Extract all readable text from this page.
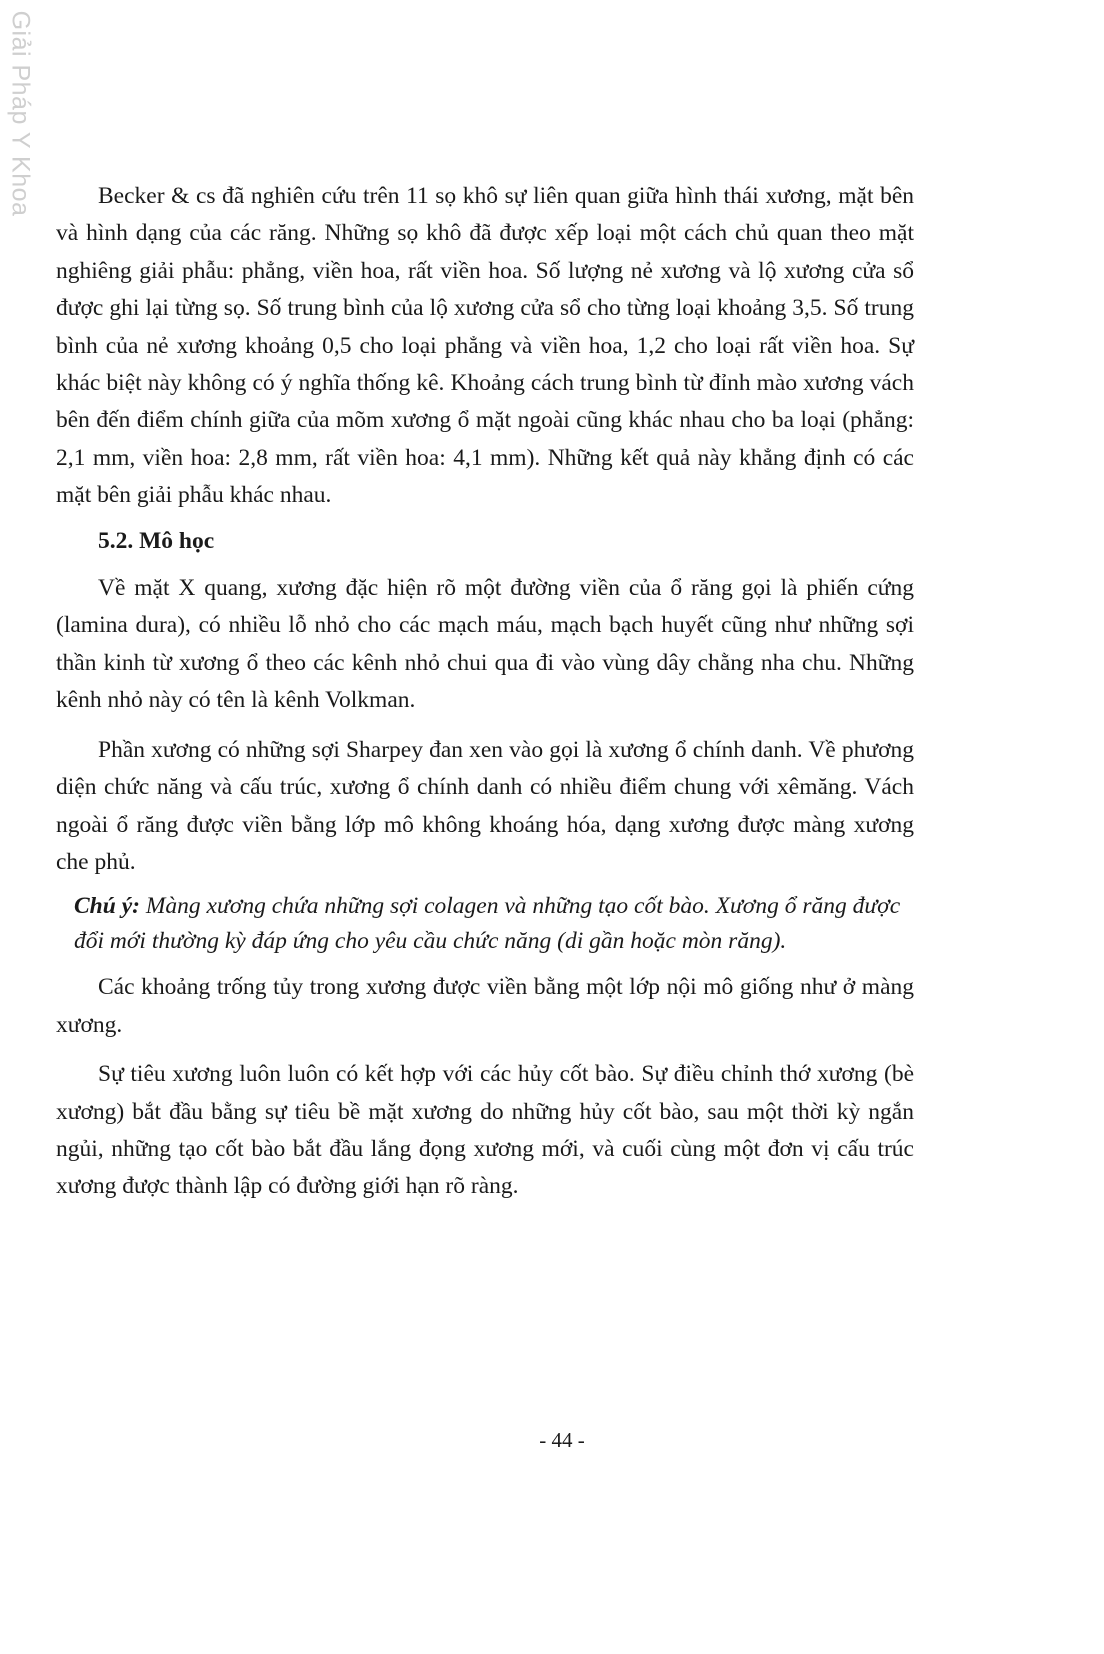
Giải Pháp Y Khoa	Becker & cs đã nghiên cứu trên 11 sọ khô sự liên quan giữa hình thái xương, mặt bên và hình dạng của các răng. Những sọ khô đã được xếp loại một cách chủ quan theo mặt nghiêng giải phẫu: phẳng, viền hoa, rất viền hoa. Số lượng nẻ xương và lộ xương cửa sổ được ghi lại từng sọ. Số trung bình của lộ xương cửa sổ cho từng loại khoảng 3,5. Số trung bình của nẻ xương khoảng 0,5 cho loại phẳng và viền hoa, 1,2 cho loại rất viền hoa. Sự khác biệt này không có ý nghĩa thống kê. Khoảng cách trung bình từ đỉnh mào xương vách bên đến điểm chính giữa của mõm xương ổ mặt ngoài cũng khác nhau cho ba loại (phẳng: 2,1 mm, viền hoa: 2,8 mm, rất viền hoa: 4,1 mm). Những kết quả này khẳng định có các mặt bên giải phẫu khác nhau.

5.2. Mô học

Về mặt X quang, xương đặc hiện rõ một đường viền của ổ răng gọi là phiến cứng (lamina dura), có nhiều lỗ nhỏ cho các mạch máu, mạch bạch huyết cũng như những sợi thần kinh từ xương ổ theo các kênh nhỏ chui qua đi vào vùng dây chằng nha chu. Những kênh nhỏ này có tên là kênh Volkman.

Phần xương có những sợi Sharpey đan xen vào gọi là xương ổ chính danh. Về phương diện chức năng và cấu trúc, xương ổ chính danh có nhiều điểm chung với xêmăng. Vách ngoài ổ răng được viền bằng lớp mô không khoáng hóa, dạng xương được màng xương che phủ.

Chú ý: Màng xương chứa những sợi colagen và những tạo cốt bào. Xương ổ răng được đổi mới thường kỳ đáp ứng cho yêu cầu chức năng (di gần hoặc mòn răng).

Các khoảng trống tủy trong xương được viền bằng một lớp nội mô giống như ở màng xương.

Sự tiêu xương luôn luôn có kết hợp với các hủy cốt bào. Sự điều chỉnh thớ xương (bè xương) bắt đầu bằng sự tiêu bề mặt xương do những hủy cốt bào, sau một thời kỳ ngắn ngủi, những tạo cốt bào bắt đầu lắng đọng xương mới, và cuối cùng một đơn vị cấu trúc xương được thành lập có đường giới hạn rõ ràng.

- 44 -
